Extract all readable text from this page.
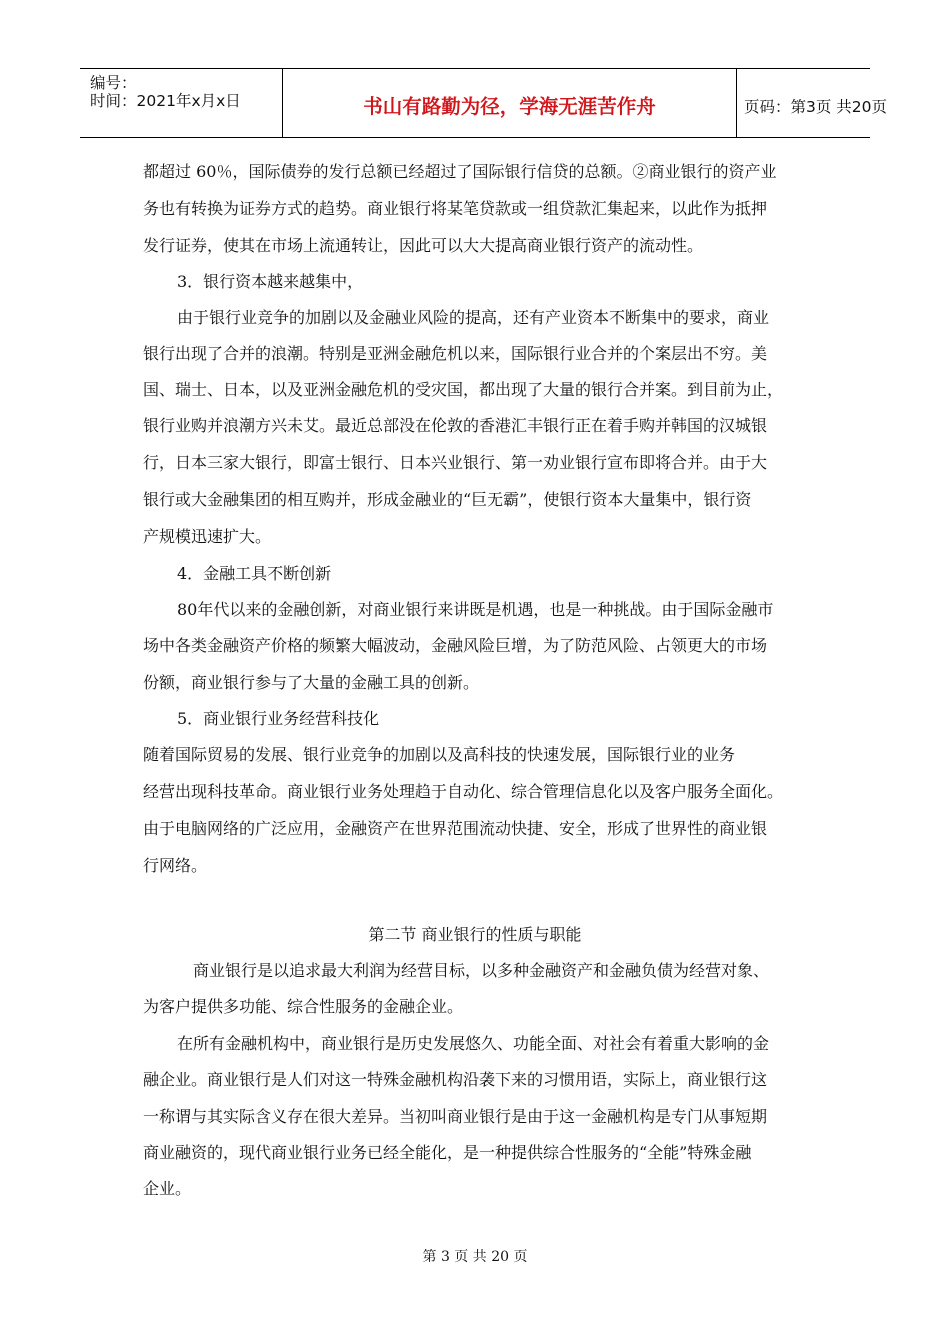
编号：
时间：2021年x月x日	书山有路勤为径，学海无涯苦作舟	页码：第3页 共20页
都超过 60％，国际债券的发行总额已经超过了国际银行信贷的总额。②商业银行的资产业
务也有转换为证券方式的趋势。商业银行将某笔贷款或一组贷款汇集起来，以此作为抵押
发行证券，使其在市场上流通转让，因此可以大大提高商业银行资产的流动性。
3．银行资本越来越集中，
由于银行业竞争的加剧以及金融业风险的提高，还有产业资本不断集中的要求，商业
银行出现了合并的浪潮。特别是亚洲金融危机以来，国际银行业合并的个案层出不穷。美
国、瑞士、日本，以及亚洲金融危机的受灾国，都出现了大量的银行合并案。到目前为止，
银行业购并浪潮方兴未艾。最近总部没在伦敦的香港汇丰银行正在着手购并韩国的汉城银
行，日本三家大银行，即富士银行、日本兴业银行、第一劝业银行宣布即将合并。由于大
银行或大金融集团的相互购并，形成金融业的“巨无霸”，使银行资本大量集中，银行资
产规模迅速扩大。
4．金融工具不断创新
80年代以来的金融创新，对商业银行来讲既是机遇，也是一种挑战。由于国际金融市
场中各类金融资产价格的频繁大幅波动，金融风险巨增，为了防范风险、占领更大的市场
份额，商业银行参与了大量的金融工具的创新。
5．商业银行业务经营科技化
随着国际贸易的发展、银行业竞争的加剧以及高科技的快速发展，国际银行业的业务
经营出现科技革命。商业银行业务处理趋于自动化、综合管理信息化以及客户服务全面化。
由于电脑网络的广泛应用，金融资产在世界范围流动快捷、安全，形成了世界性的商业银
行网络。
第二节 商业银行的性质与职能
商业银行是以追求最大利润为经营目标，以多种金融资产和金融负债为经营对象、
为客户提供多功能、综合性服务的金融企业。
在所有金融机构中，商业银行是历史发展悠久、功能全面、对社会有着重大影响的金
融企业。商业银行是人们对这一特殊金融机构沿袭下来的习惯用语，实际上，商业银行这
一称谓与其实际含义存在很大差异。当初叫商业银行是由于这一金融机构是专门从事短期
商业融资的，现代商业银行业务已经全能化，是一种提供综合性服务的“全能”特殊金融
企业。
第 3 页 共 20 页
